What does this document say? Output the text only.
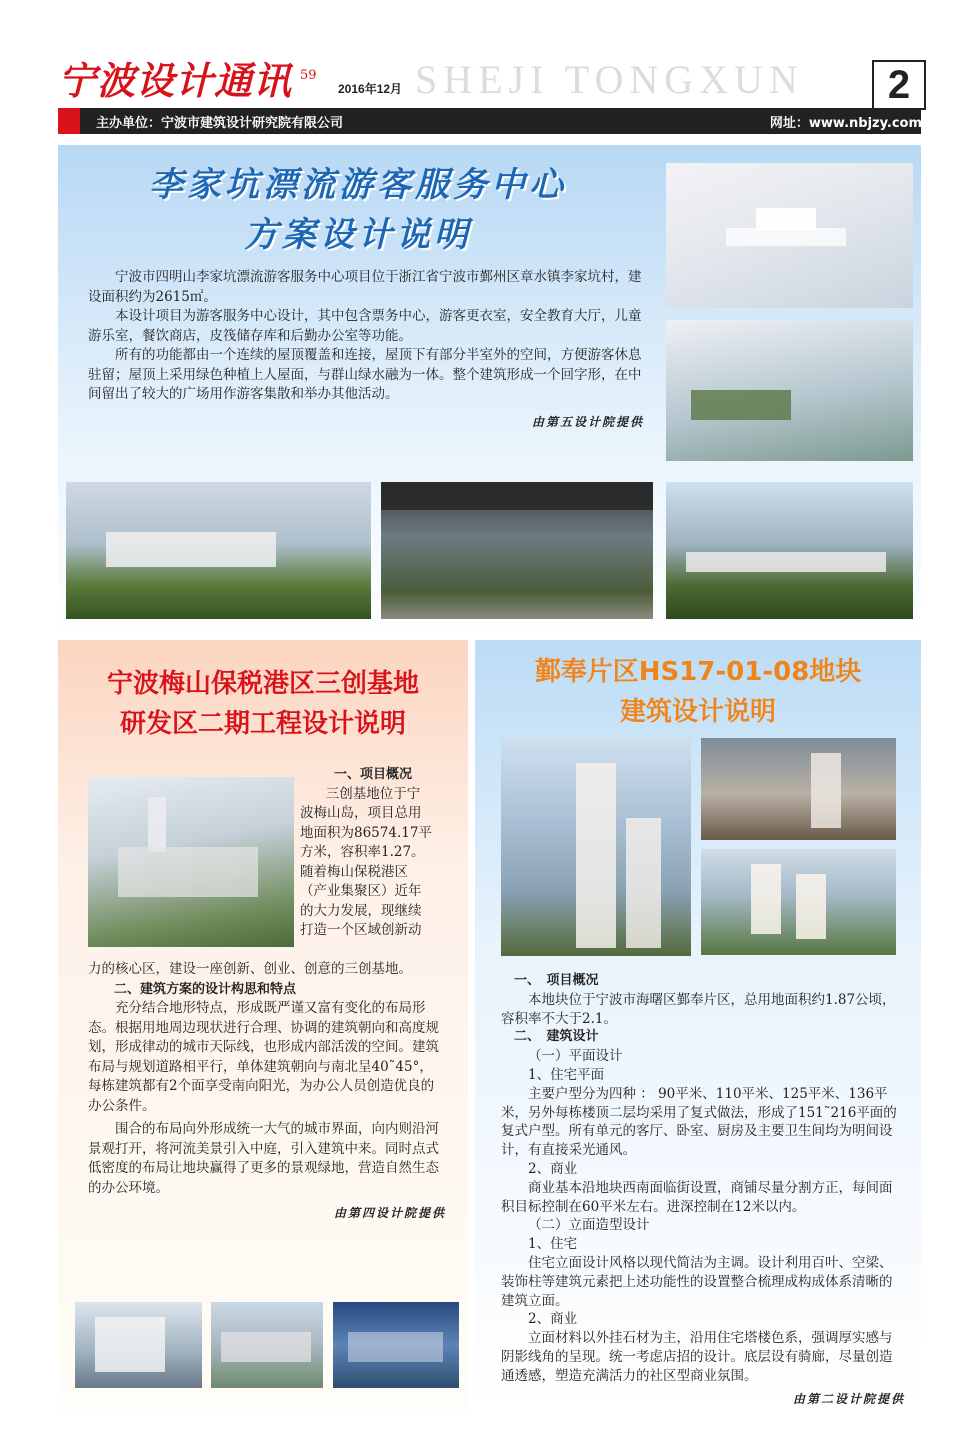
宁波设计通讯 59
2016年12月 SHEJI TONGXUN	2
主办单位：宁波市建筑设计研究院有限公司	网址：www.nbjzy.com
李家坑漂流游客服务中心
方案设计说明

宁波市四明山李家坑漂流游客服务中心项目位于浙江省宁波市鄞州区章水镇李家坑村，建设面积约为2615㎡。

本设计项目为游客服务中心设计，其中包含票务中心，游客更衣室，安全教育大厅，儿童游乐室，餐饮商店，皮筏储存库和后勤办公室等功能。

所有的功能都由一个连续的屋顶覆盖和连接，屋顶下有部分半室外的空间，方便游客休息驻留；屋顶上采用绿色种植上人屋面，与群山绿水融为一体。整个建筑形成一个回字形，在中间留出了较大的广场用作游客集散和举办其他活动。

由第五设计院提供
宁波梅山保税港区三创基地
研发区二期工程设计说明
一、项目概况
三创基地位于宁
波梅山岛，项目总用
地面积为86574.17平
方米，容积率1.27。
随着梅山保税港区
（产业集聚区）近年
的大力发展，现继续
打造一个区域创新动
力的核心区，建设一座创新、创业、创意的三创基地。
二、建筑方案的设计构思和特点

充分结合地形特点，形成既严谨又富有变化的布局形态。根据用地周边现状进行合理、协调的建筑朝向和高度规划，形成律动的城市天际线，也形成内部活泼的空间。建筑布局与规划道路相平行，单体建筑朝向与南北呈40˜45°，每栋建筑都有2个面享受南向阳光，为办公人员创造优良的办公条件。

围合的布局向外形成统一大气的城市界面，向内则沿河景观打开，将河流美景引入中庭，引入建筑中来。同时点式低密度的布局让地块赢得了更多的景观绿地，营造自然生态的办公环境。

由第四设计院提供
鄞奉片区HS17-01-08地块
建筑设计说明
一、　项目概况

本地块位于宁波市海曙区鄞奉片区，总用地面积约1.87公顷，容积率不大于2.1。

二、　建筑设计

（一）平面设计

1、住宅平面

主要户型分为四种 ： 90平米、110平米、125平米、136平米，另外每栋楼顶二层均采用了复式做法，形成了151˜216平面的复式户型。所有单元的客厅、卧室、厨房及主要卫生间均为明间设计，有直接采光通风。

2、商业

商业基本沿地块西南面临街设置，商铺尽量分割方正，每间面积目标控制在60平米左右。进深控制在12米以内。

（二）立面造型设计

1、住宅

住宅立面设计风格以现代简洁为主调。设计利用百叶、空梁、装饰柱等建筑元素把上述功能性的设置整合梳理成构成体系清晰的建筑立面。

2、商业

立面材料以外挂石材为主，沿用住宅塔楼色系，强调厚实感与阴影线角的呈现。统一考虑店招的设计。底层设有骑廊，尽量创造通透感，塑造充满活力的社区型商业氛围。

由第二设计院提供
